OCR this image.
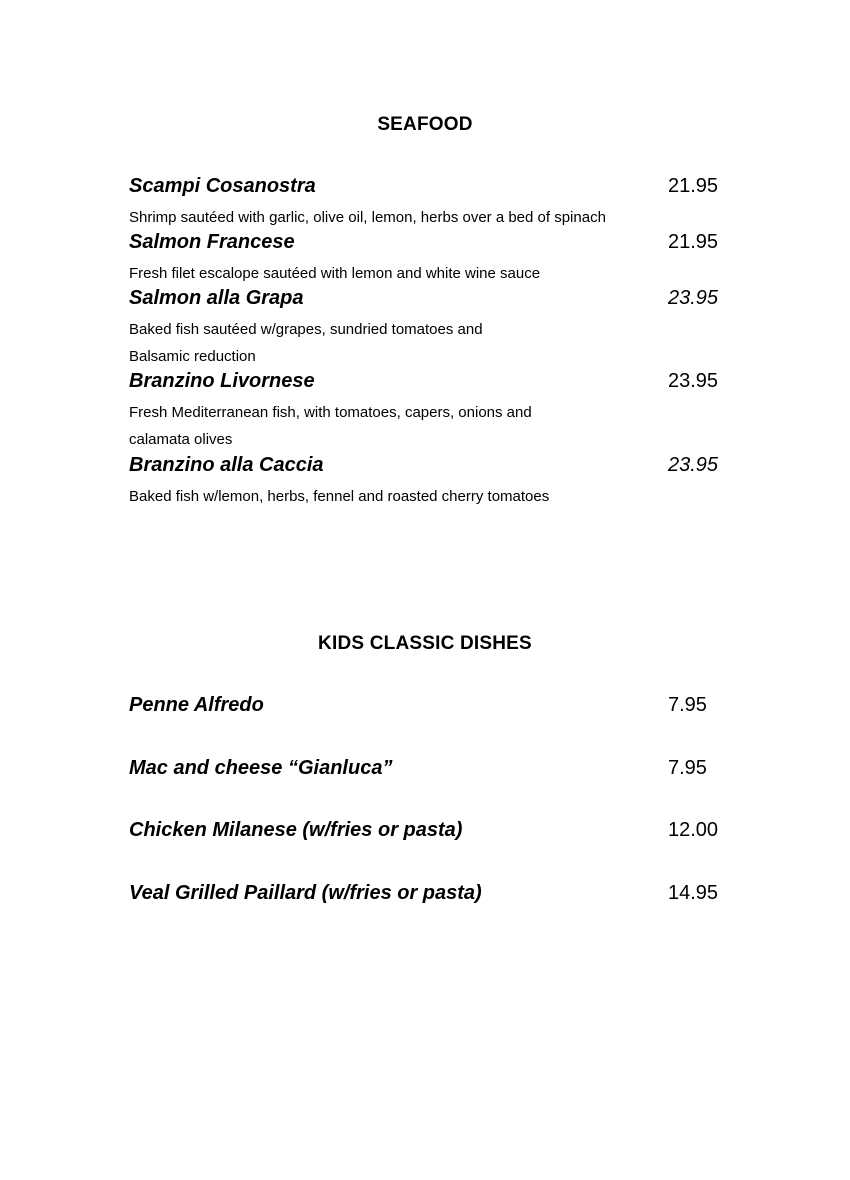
SEAFOOD
Scampi Cosanostra	21.95
Shrimp sautéed with garlic, olive oil, lemon, herbs over a bed of spinach
Salmon Francese	21.95
Fresh filet escalope sautéed with lemon and white wine sauce
Salmon alla Grapa	23.95
Baked fish sautéed w/grapes, sundried tomatoes and
Balsamic reduction
Branzino Livornese	23.95
Fresh Mediterranean fish, with tomatoes, capers, onions and
calamata olives
Branzino alla Caccia	23.95
Baked fish w/lemon, herbs, fennel and roasted cherry tomatoes
KIDS CLASSIC DISHES
Penne Alfredo	7.95
Mac and cheese “Gianluca”	7.95
Chicken Milanese (w/fries or pasta)	12.00
Veal Grilled Paillard (w/fries or pasta)	14.95
